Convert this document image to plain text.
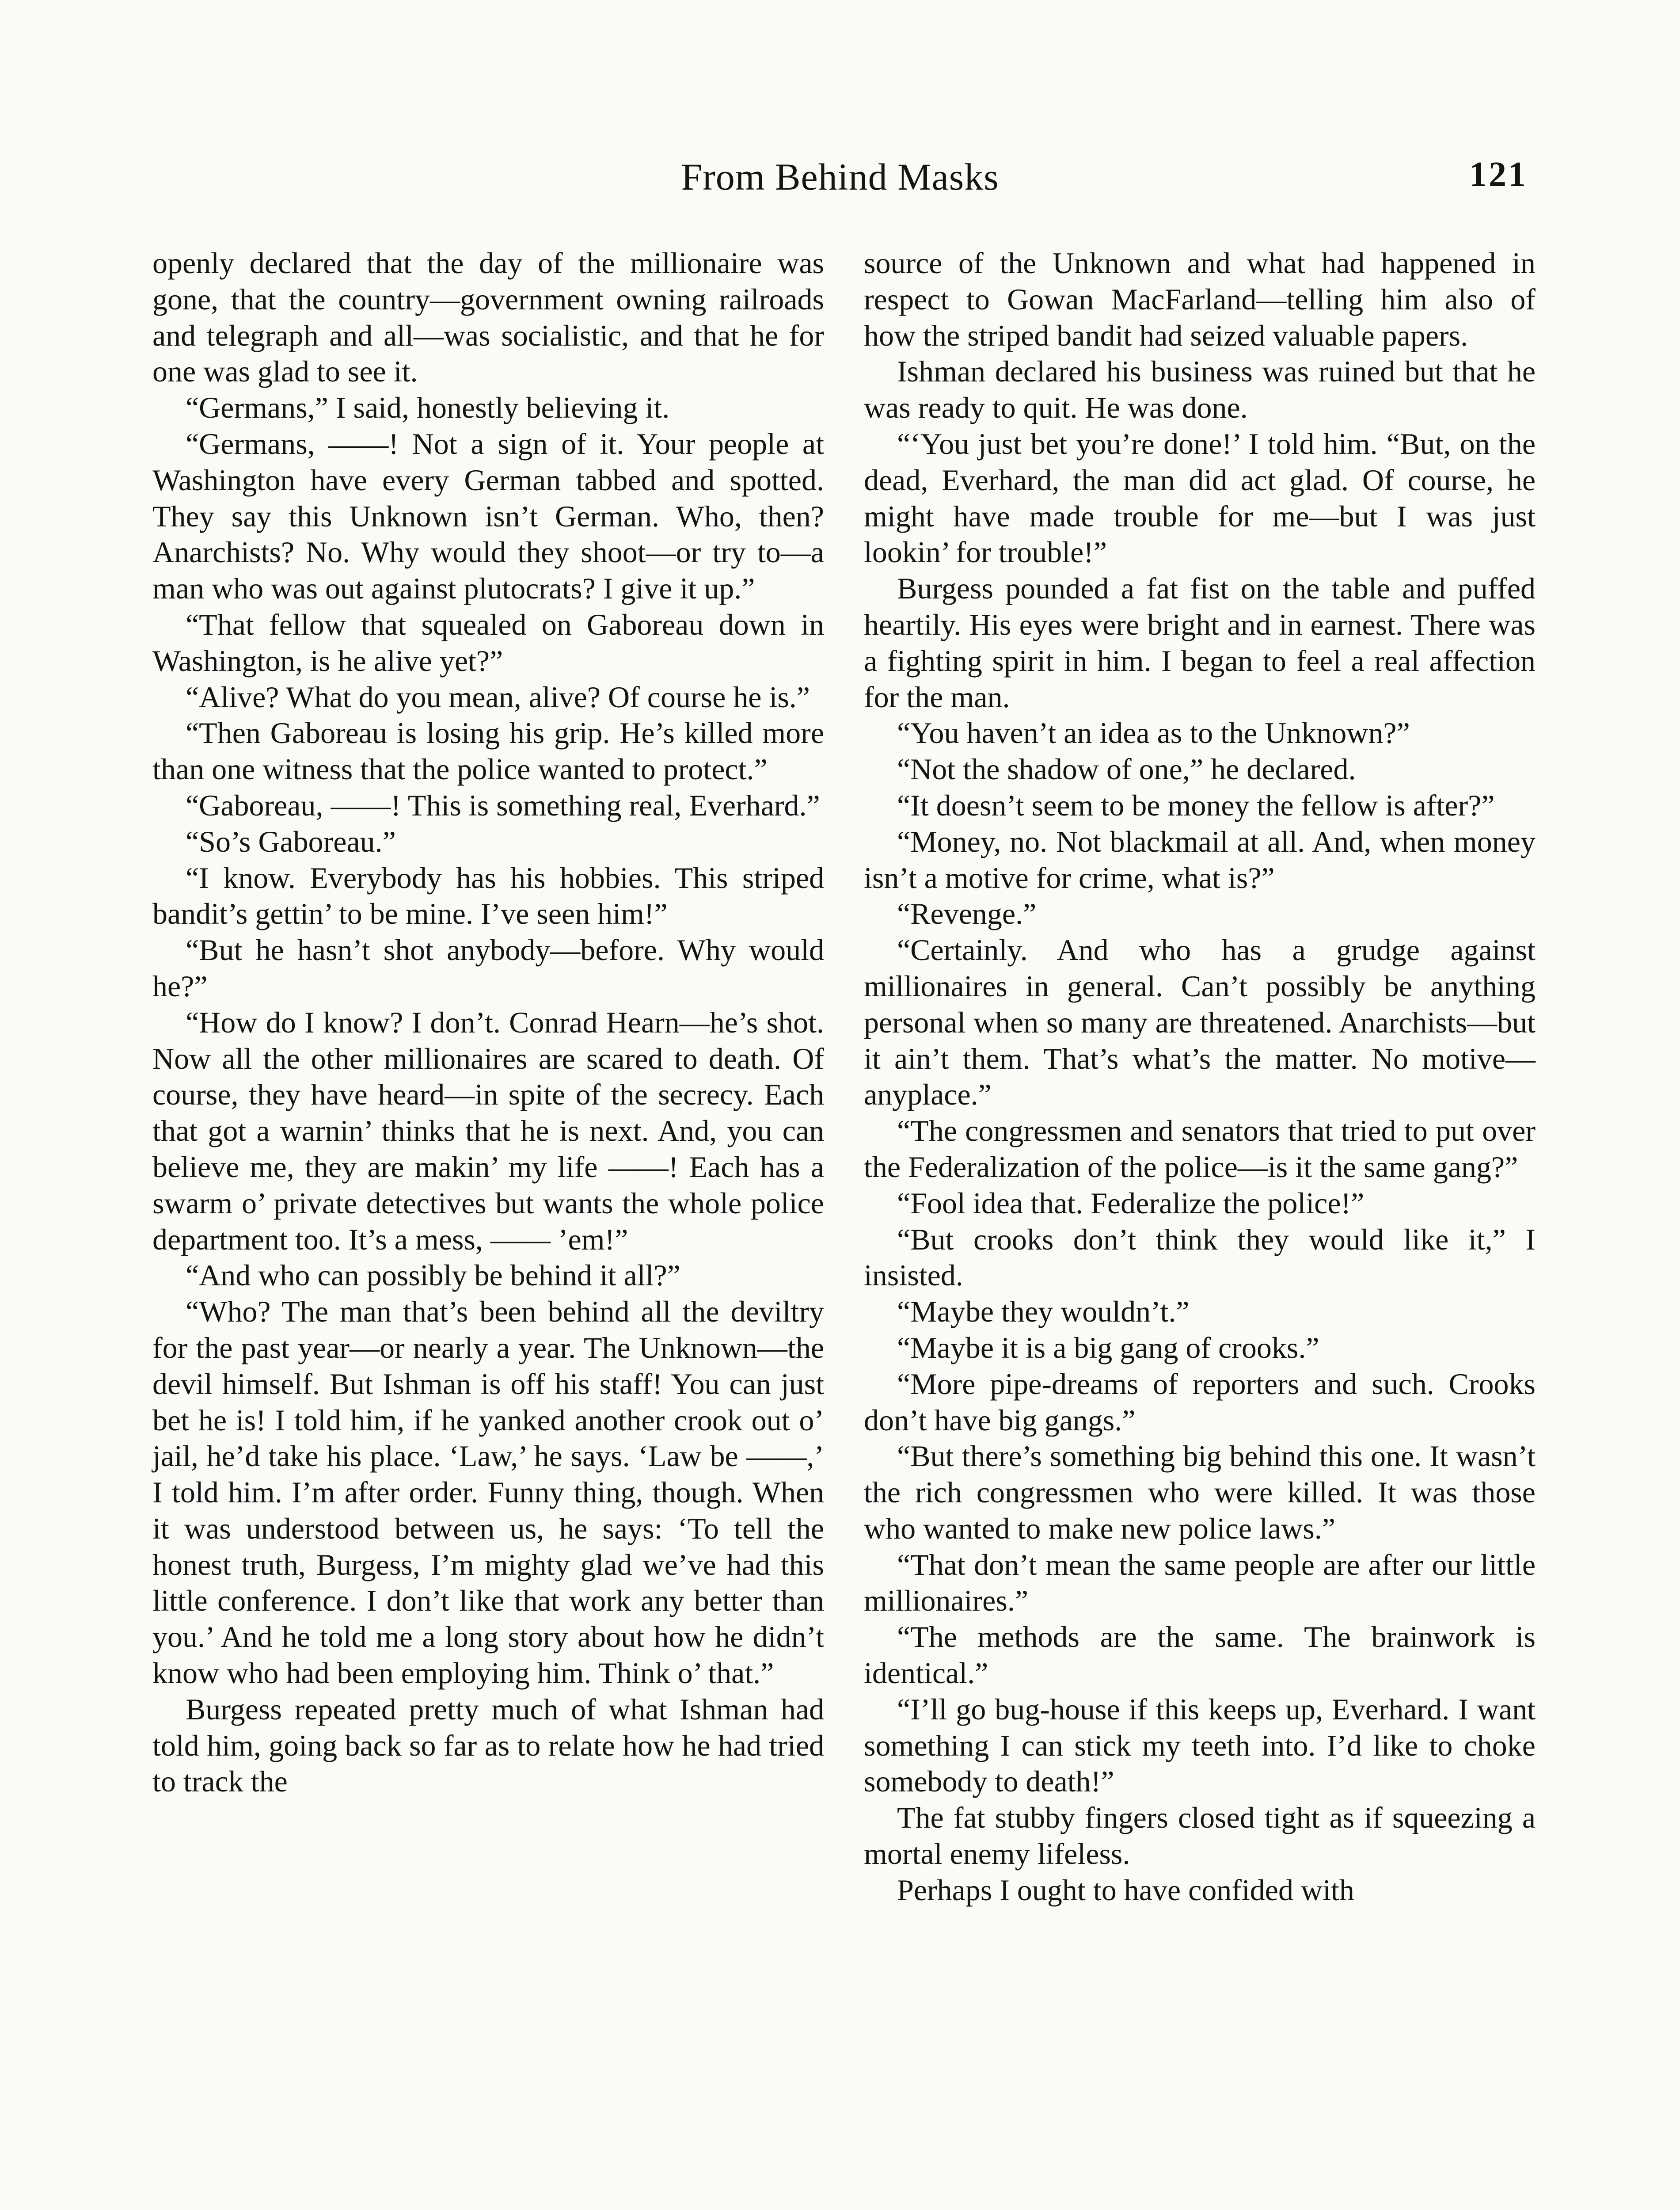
From Behind Masks	121

openly declared that the day of the millionaire was gone, that the country—government owning railroads and telegraph and all—was socialistic, and that he for one was glad to see it.

“Germans,” I said, honestly believing it.

“Germans, ——! Not a sign of it. Your people at Washington have every German tabbed and spotted. They say this Unknown isn’t German. Who, then? Anarchists? No. Why would they shoot—or try to—a man who was out against plutocrats? I give it up.”

“That fellow that squealed on Gaboreau down in Washington, is he alive yet?”

“Alive? What do you mean, alive? Of course he is.”

“Then Gaboreau is losing his grip. He’s killed more than one witness that the police wanted to protect.”

“Gaboreau, ——! This is something real, Everhard.”

“So’s Gaboreau.”

“I know. Everybody has his hobbies. This striped bandit’s gettin’ to be mine. I’ve seen him!”

“But he hasn’t shot anybody—before. Why would he?”

“How do I know? I don’t. Conrad Hearn—he’s shot. Now all the other millionaires are scared to death. Of course, they have heard—in spite of the secrecy. Each that got a warnin’ thinks that he is next. And, you can believe me, they are makin’ my life ——! Each has a swarm o’ private detectives but wants the whole police department too. It’s a mess, —— ’em!”

“And who can possibly be behind it all?”

“Who? The man that’s been behind all the deviltry for the past year—or nearly a year. The Unknown—the devil himself. But Ishman is off his staff! You can just bet he is! I told him, if he yanked another crook out o’ jail, he’d take his place. ‘Law,’ he says. ‘Law be ——,’ I told him. I’m after order. Funny thing, though. When it was understood between us, he says: ‘To tell the honest truth, Burgess, I’m mighty glad we’ve had this little conference. I don’t like that work any better than you.’ And he told me a long story about how he didn’t know who had been employing him. Think o’ that.”

Burgess repeated pretty much of what Ishman had told him, going back so far as to relate how he had tried to track the

source of the Unknown and what had happened in respect to Gowan MacFarland—telling him also of how the striped bandit had seized valuable papers.

Ishman declared his business was ruined but that he was ready to quit. He was done.

“‘You just bet you’re done!’ I told him. “But, on the dead, Everhard, the man did act glad. Of course, he might have made trouble for me—but I was just lookin’ for trouble!”

Burgess pounded a fat fist on the table and puffed heartily. His eyes were bright and in earnest. There was a fighting spirit in him. I began to feel a real affection for the man.

“You haven’t an idea as to the Unknown?”

“Not the shadow of one,” he declared.

“It doesn’t seem to be money the fellow is after?”

“Money, no. Not blackmail at all. And, when money isn’t a motive for crime, what is?”

“Revenge.”

“Certainly. And who has a grudge against millionaires in general. Can’t possibly be anything personal when so many are threatened. Anarchists—but it ain’t them. That’s what’s the matter. No motive—anyplace.”

“The congressmen and senators that tried to put over the Federalization of the police—is it the same gang?”

“Fool idea that. Federalize the police!”

“But crooks don’t think they would like it,” I insisted.

“Maybe they wouldn’t.”

“Maybe it is a big gang of crooks.”

“More pipe-dreams of reporters and such. Crooks don’t have big gangs.”

“But there’s something big behind this one. It wasn’t the rich congressmen who were killed. It was those who wanted to make new police laws.”

“That don’t mean the same people are after our little millionaires.”

“The methods are the same. The brainwork is identical.”

“I’ll go bug-house if this keeps up, Everhard. I want something I can stick my teeth into. I’d like to choke somebody to death!”

The fat stubby fingers closed tight as if squeezing a mortal enemy lifeless.

Perhaps I ought to have confided with
